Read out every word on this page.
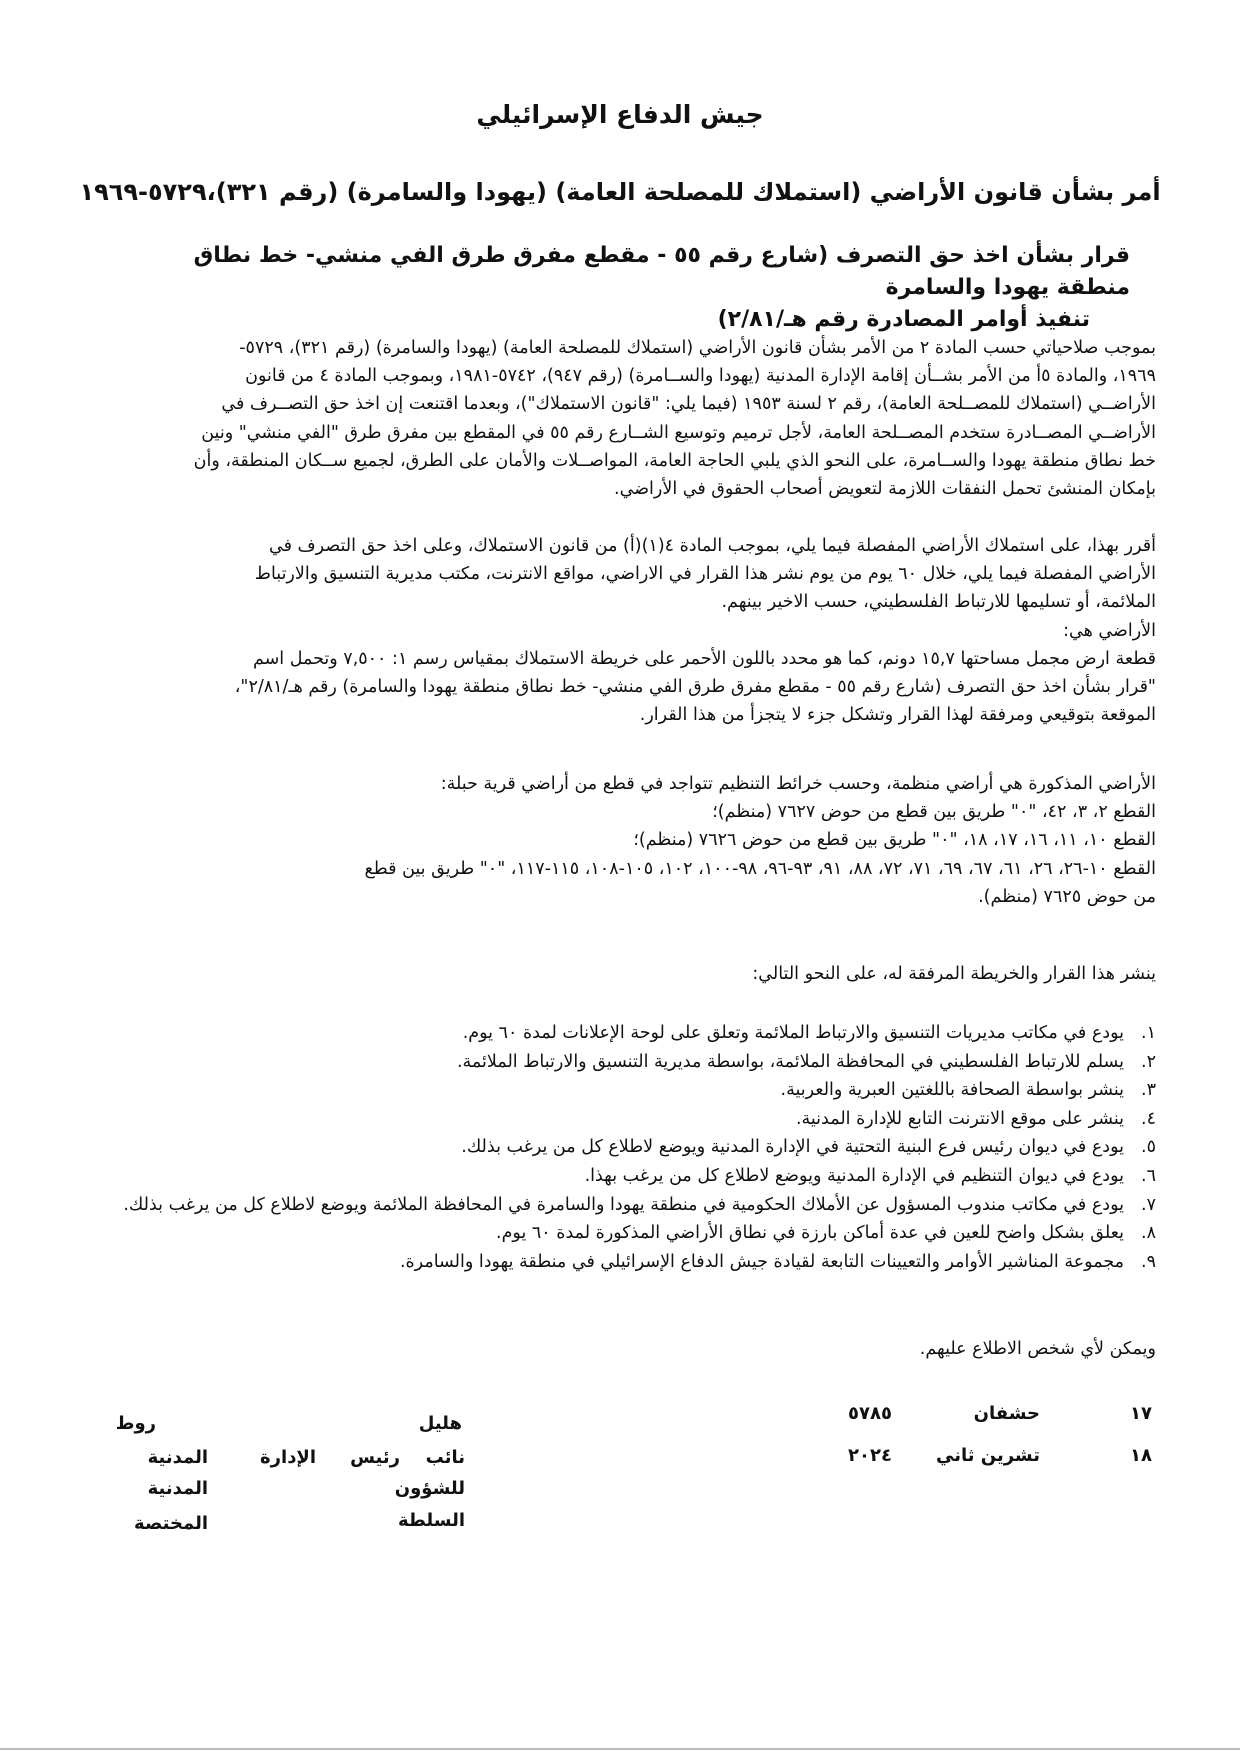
جيش الدفاع الإسرائيلي
أمر بشأن قانون الأراضي (استملاك للمصلحة العامة) (يهودا والسامرة) (رقم ٣٢١)،٥٧٢٩-١٩٦٩
قرار بشأن اخذ حق التصرف (شارع رقم ٥٥ - مقطع مفرق طرق الفي منشي- خط نطاق منطقة يهودا والسامرة
تنفيذ أوامر المصادرة رقم هـ/٢/٨١)
بموجب صلاحياتي حسب المادة ٢ من الأمر بشأن قانون الأراضي (استملاك للمصلحة العامة) (يهودا والسامرة) (رقم ٣٢١)، ٥٧٢٩-
١٩٦٩، والمادة ٥أ من الأمر بشــأن إقامة الإدارة المدنية (يهودا والســامرة) (رقم ٩٤٧)، ٥٧٤٢-١٩٨١، وبموجب المادة ٤ من قانون
الأراضــي (استملاك للمصــلحة العامة)، رقم ٢ لسنة ١٩٥٣ (فيما يلي: "قانون الاستملاك")، وبعدما اقتنعت إن اخذ حق التصــرف في
الأراضــي المصــادرة ستخدم المصــلحة العامة، لأجل ترميم وتوسيع الشــارع رقم ٥٥ في المقطع بين مفرق طرق "الفي منشي" ونين
خط نطاق منطقة يهودا والســامرة، على النحو الذي يلبي الحاجة العامة، المواصــلات والأمان على الطرق، لجميع ســكان المنطقة، وأن
بإمكان المنشئ تحمل النفقات اللازمة لتعويض أصحاب الحقوق في الأراضي.
أقرر بهذا، على استملاك الأراضي المفصلة فيما يلي، بموجب المادة ٤(١)(أ) من قانون الاستملاك، وعلى اخذ حق التصرف في
الأراضي المفصلة فيما يلي، خلال ٦٠ يوم من يوم نشر هذا القرار في الاراضي، مواقع الانترنت، مكتب مديرية التنسيق والارتباط
الملائمة، أو تسليمها للارتباط الفلسطيني، حسب الاخير بينهم.
الأراضي هي:
قطعة ارض مجمل مساحتها ١٥,٧ دونم، كما هو محدد باللون الأحمر على خريطة الاستملاك بمقياس رسم ١: ٧,٥٠٠ وتحمل اسم
"قرار بشأن اخذ حق التصرف (شارع رقم ٥٥ - مقطع مفرق طرق الفي منشي- خط نطاق منطقة يهودا والسامرة) رقم هـ/٢/٨١"،
الموقعة بتوقيعي ومرفقة لهذا القرار وتشكل جزء لا يتجزأ من هذا القرار.
الأراضي المذكورة هي أراضي منظمة، وحسب خرائط التنظيم تتواجد في قطع من أراضي قرية حبلة:
القطع ٢، ٣، ٤٢، "٠" طريق بين قطع من حوض ٧٦٢٧ (منظم)؛
القطع ١٠، ١١، ١٦، ١٧، ١٨، "٠" طريق بين قطع من حوض ٧٦٢٦ (منظم)؛
القطع ١٠-٢٦، ٢٦، ٦١، ٦٧، ٦٩، ٧١، ٧٢، ٨٨، ٩١، ٩٣-٩٦، ٩٨-١٠٠، ١٠٢، ١٠٥-١٠٨، ١١٥-١١٧، "٠" طريق بين قطع
من حوض ٧٦٢٥ (منظم).
ينشر هذا القرار والخريطة المرفقة له، على النحو التالي:
١.
يودع في مكاتب مديريات التنسيق والارتباط الملائمة وتعلق على لوحة الإعلانات لمدة ٦٠ يوم.
٢.
يسلم للارتباط الفلسطيني في المحافظة الملائمة، بواسطة مديرية التنسيق والارتباط الملائمة.
٣.
ينشر بواسطة الصحافة باللغتين العبرية والعربية.
٤.
ينشر على موقع الانترنت التابع للإدارة المدنية.
٥.
يودع في ديوان رئيس فرع البنية التحتية في الإدارة المدنية ويوضع لاطلاع كل من يرغب بذلك.
٦.
يودع في ديوان التنظيم في الإدارة المدنية ويوضع لاطلاع كل من يرغب بهذا.
٧.
يودع في مكاتب مندوب المسؤول عن الأملاك الحكومية في منطقة يهودا والسامرة في المحافظة الملائمة ويوضع لاطلاع كل من يرغب بذلك.
٨.
يعلق بشكل واضح للعين في عدة أماكن بارزة في نطاق الأراضي المذكورة لمدة ٦٠ يوم.
٩.
مجموعة المناشير الأوامر والتعيينات التابعة لقيادة جيش الدفاع الإسرائيلي في منطقة يهودا والسامرة.
ويمكن لأي شخص الاطلاع عليهم.
١٧
حشفان
٥٧٨٥
١٨
تشرين ثاني
٢٠٢٤
هليل
روط
نائب
رئيس
الإدارة
المدنية
للشؤون
المدنية
السلطة
المختصة
